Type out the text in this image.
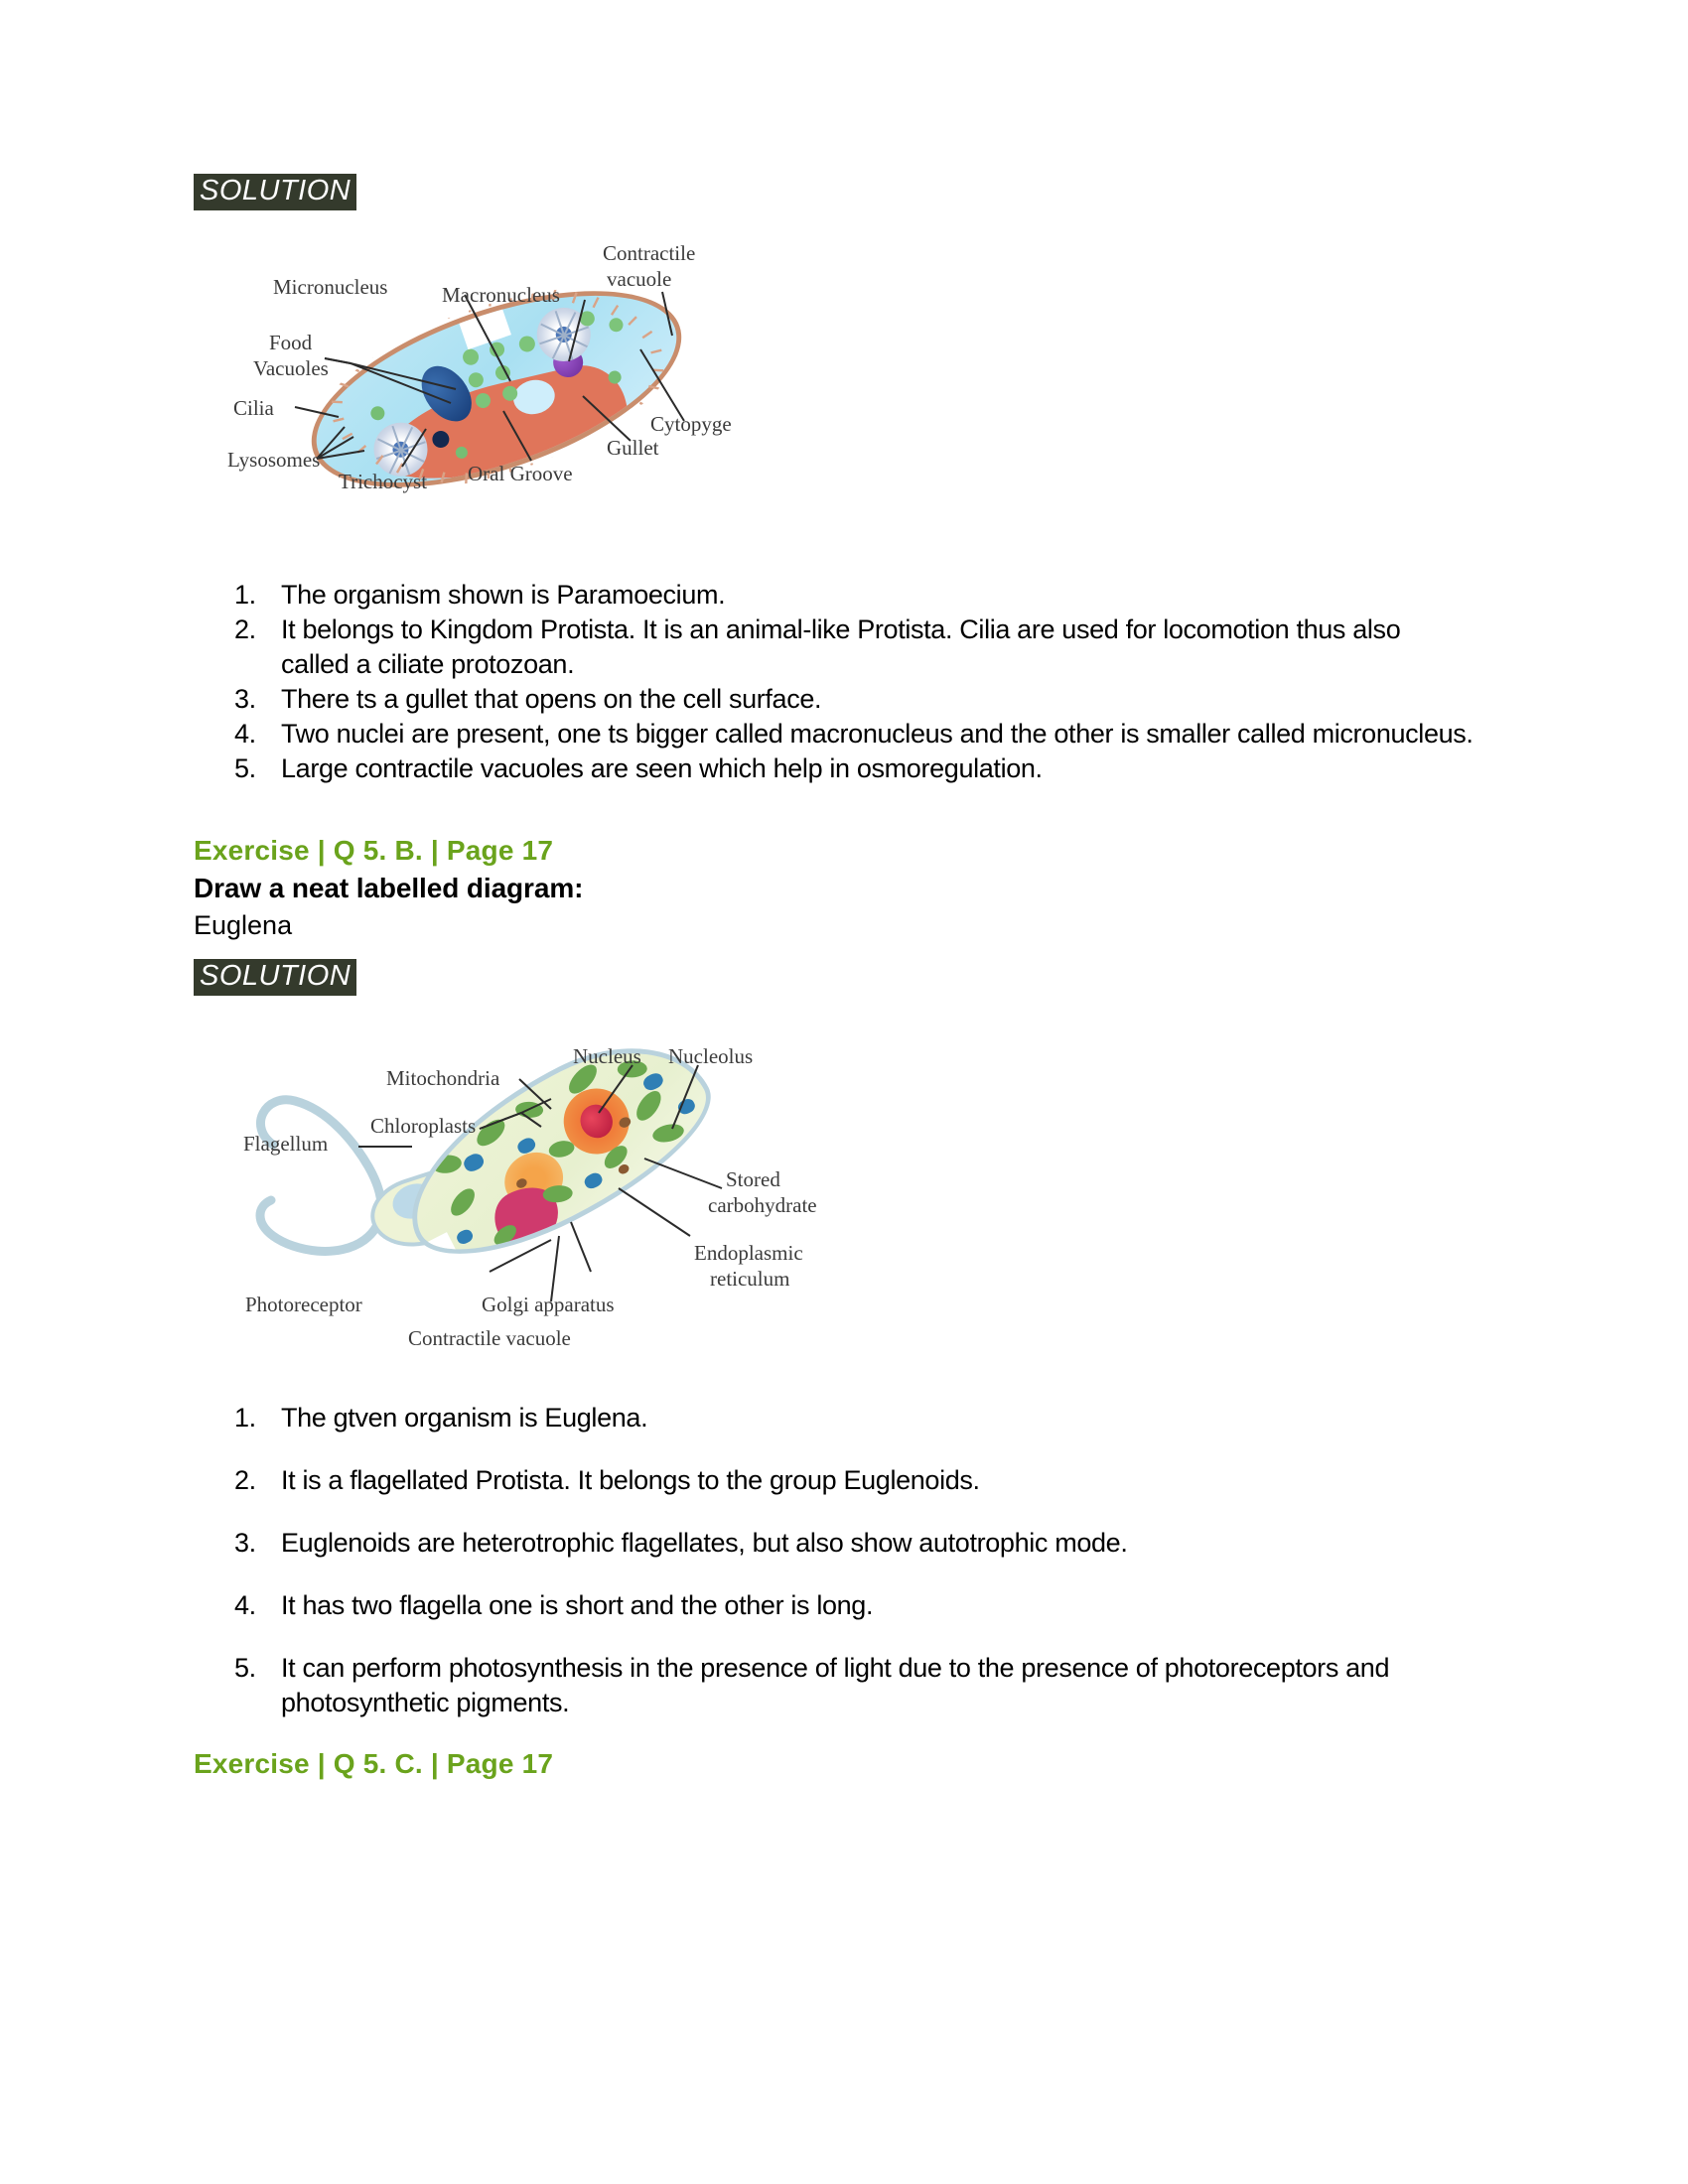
SOLUTION
Micronucleus	Macronucleus
Contractile
vacuole
Food
Vacuoles
Cilia
Lysosomes
Trichocyst Oral Groove
Gullet
Cytopyge
1. The organism shown is Paramoecium.
2. It belongs to Kingdom Protista. It is an animal-like Protista. Cilia are used for locomotion thus also called a ciliate protozoan.
3. There ts a gullet that opens on the cell surface.
4. Two nuclei are present, one ts bigger called macronucleus and the other is smaller called micronucleus.
5. Large contractile vacuoles are seen which help in osmoregulation.
Exercise | Q 5. B. | Page 17
Draw a neat labelled diagram:
Euglena
SOLUTION
Flagellum
Chloroplasts
Mitochondria
Nucleus Nucleolus
Stored
carbohydrate
Endoplasmic
reticulum
Photoreceptor	Golgi apparatus
Contractile vacuole
1. The gtven organism is Euglena.
2. It is a flagellated Protista. It belongs to the group Euglenoids.
3. Euglenoids are heterotrophic flagellates, but also show autotrophic mode.
4. It has two flagella one is short and the other is long.
5. It can perform photosynthesis in the presence of light due to the presence of photoreceptors and photosynthetic pigments.
Exercise | Q 5. C. | Page 17
